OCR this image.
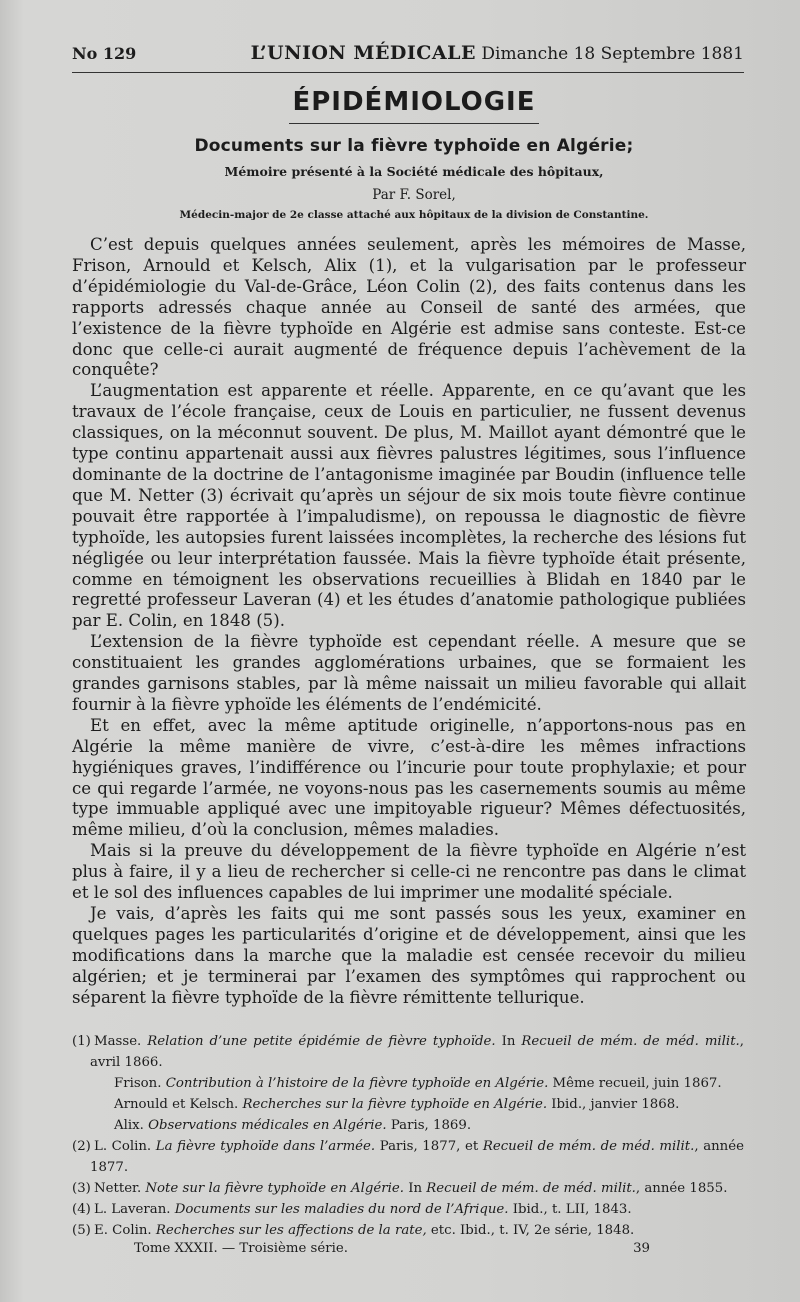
No 129	L’UNION MÉDICALE Dimanche 18 Septembre 1881
ÉPIDÉMIOLOGIE
Documents sur la fièvre typhoïde en Algérie;
Mémoire présenté à la Société médicale des hôpitaux,
Par F. Sorel,
Médecin-major de 2e classe attaché aux hôpitaux de la division de Constantine.

C’est depuis quelques années seulement, après les mémoires de Masse, Frison, Arnould et Kelsch, Alix (1), et la vulgarisation par le professeur d’épidémiologie du Val-de-Grâce, Léon Colin (2), des faits contenus dans les rapports adressés chaque année au Conseil de santé des armées, que l’existence de la fièvre typhoïde en Algérie est admise sans conteste. Est-ce donc que celle-ci aurait augmenté de fréquence depuis l’achèvement de la conquête?

L’augmentation est apparente et réelle. Apparente, en ce qu’avant que les travaux de l’école française, ceux de Louis en particulier, ne fussent devenus classiques, on la méconnut souvent. De plus, M. Maillot ayant démontré que le type continu appartenait aussi aux fièvres palustres légitimes, sous l’influence dominante de la doctrine de l’antagonisme imaginée par Boudin (influence telle que M. Netter (3) écrivait qu’après un séjour de six mois toute fièvre continue pouvait être rapportée à l’impaludisme), on repoussa le diagnostic de fièvre typhoïde, les autopsies furent laissées incomplètes, la recherche des lésions fut négligée ou leur interprétation faussée. Mais la fièvre typhoïde était présente, comme en témoignent les observations recueillies à Blidah en 1840 par le regretté professeur Laveran (4) et les études d’anatomie pathologique publiées par E. Colin, en 1848 (5).

L’extension de la fièvre typhoïde est cependant réelle. A mesure que se constituaient les grandes agglomérations urbaines, que se formaient les grandes garnisons stables, par là même naissait un milieu favorable qui allait fournir à la fièvre yphoïde les éléments de l’endémicité.

Et en effet, avec la même aptitude originelle, n’apportons-nous pas en Algérie la même manière de vivre, c’est-à-dire les mêmes infractions hygiéniques graves, l’indifférence ou l’incurie pour toute prophylaxie; et pour ce qui regarde l’armée, ne voyons-nous pas les casernements soumis au même type immuable appliqué avec une impitoyable rigueur? Mêmes défectuosités, même milieu, d’où la conclusion, mêmes maladies.

Mais si la preuve du développement de la fièvre typhoïde en Algérie n’est plus à faire, il y a lieu de rechercher si celle-ci ne rencontre pas dans le climat et le sol des influences capables de lui imprimer une modalité spéciale.

Je vais, d’après les faits qui me sont passés sous les yeux, examiner en quelques pages les particularités d’origine et de développement, ainsi que les modifications dans la marche que la maladie est censée recevoir du milieu algérien; et je terminerai par l’examen des symptômes qui rapprochent ou séparent la fièvre typhoïde de la fièvre rémittente tellurique.

(1) Masse. Relation d’une petite épidémie de fièvre typhoïde. In Recueil de mém. de méd. milit., avril 1866.
Frison. Contribution à l’histoire de la fièvre typhoïde en Algérie. Même recueil, juin 1867.
Arnould et Kelsch. Recherches sur la fièvre typhoïde en Algérie. Ibid., janvier 1868.
Alix. Observations médicales en Algérie. Paris, 1869.
(2) L. Colin. La fièvre typhoïde dans l’armée. Paris, 1877, et Recueil de mém. de méd. milit., année 1877.
(3) Netter. Note sur la fièvre typhoïde en Algérie. In Recueil de mém. de méd. milit., année 1855.
(4) L. Laveran. Documents sur les maladies du nord de l’Afrique. Ibid., t. LII, 1843.
(5) E. Colin. Recherches sur les affections de la rate, etc. Ibid., t. IV, 2e série, 1848.
Tome XXXII. — Troisième série.	39
